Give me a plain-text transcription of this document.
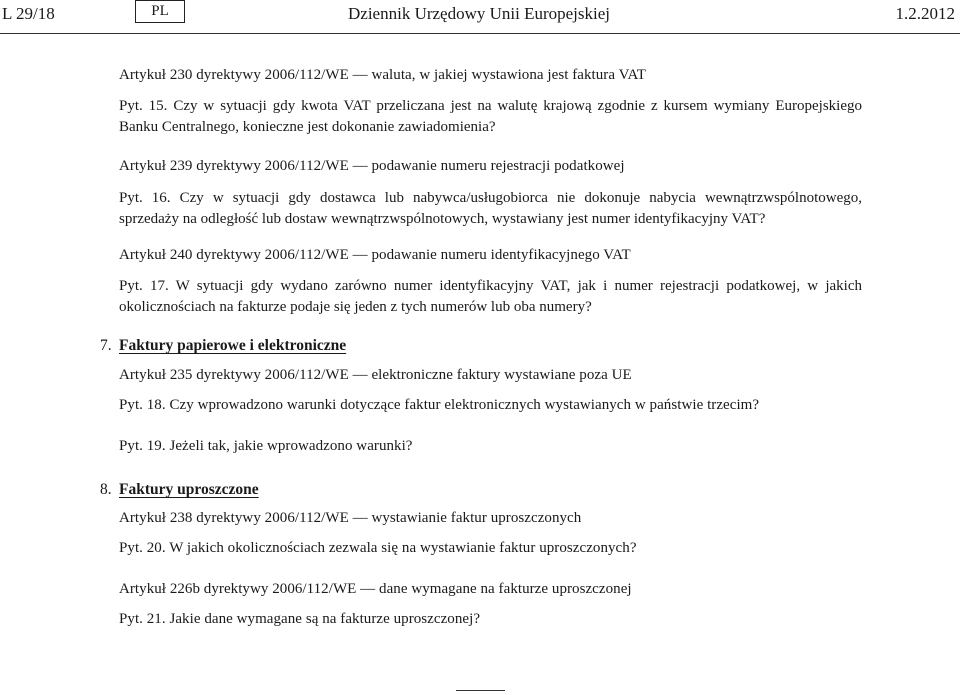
L 29/18	PL	Dziennik Urzędowy Unii Europejskiej	1.2.2012
Artykuł 230 dyrektywy 2006/112/WE — waluta, w jakiej wystawiona jest faktura VAT
Pyt. 15. Czy w sytuacji gdy kwota VAT przeliczana jest na walutę krajową zgodnie z kursem wymiany Europejskiego Banku Centralnego, konieczne jest dokonanie zawiadomienia?
Artykuł 239 dyrektywy 2006/112/WE — podawanie numeru rejestracji podatkowej
Pyt. 16. Czy w sytuacji gdy dostawca lub nabywca/usługobiorca nie dokonuje nabycia wewnątrzwspólnotowego, sprzedaży na odległość lub dostaw wewnątrzwspólnotowych, wystawiany jest numer identyfikacyjny VAT?
Artykuł 240 dyrektywy 2006/112/WE — podawanie numeru identyfikacyjnego VAT
Pyt. 17. W sytuacji gdy wydano zarówno numer identyfikacyjny VAT, jak i numer rejestracji podatkowej, w jakich okolicznościach na fakturze podaje się jeden z tych numerów lub oba numery?
7. Faktury papierowe i elektroniczne
Artykuł 235 dyrektywy 2006/112/WE — elektroniczne faktury wystawiane poza UE
Pyt. 18. Czy wprowadzono warunki dotyczące faktur elektronicznych wystawianych w państwie trzecim?
Pyt. 19. Jeżeli tak, jakie wprowadzono warunki?
8. Faktury uproszczone
Artykuł 238 dyrektywy 2006/112/WE — wystawianie faktur uproszczonych
Pyt. 20. W jakich okolicznościach zezwala się na wystawianie faktur uproszczonych?
Artykuł 226b dyrektywy 2006/112/WE — dane wymagane na fakturze uproszczonej
Pyt. 21. Jakie dane wymagane są na fakturze uproszczonej?
